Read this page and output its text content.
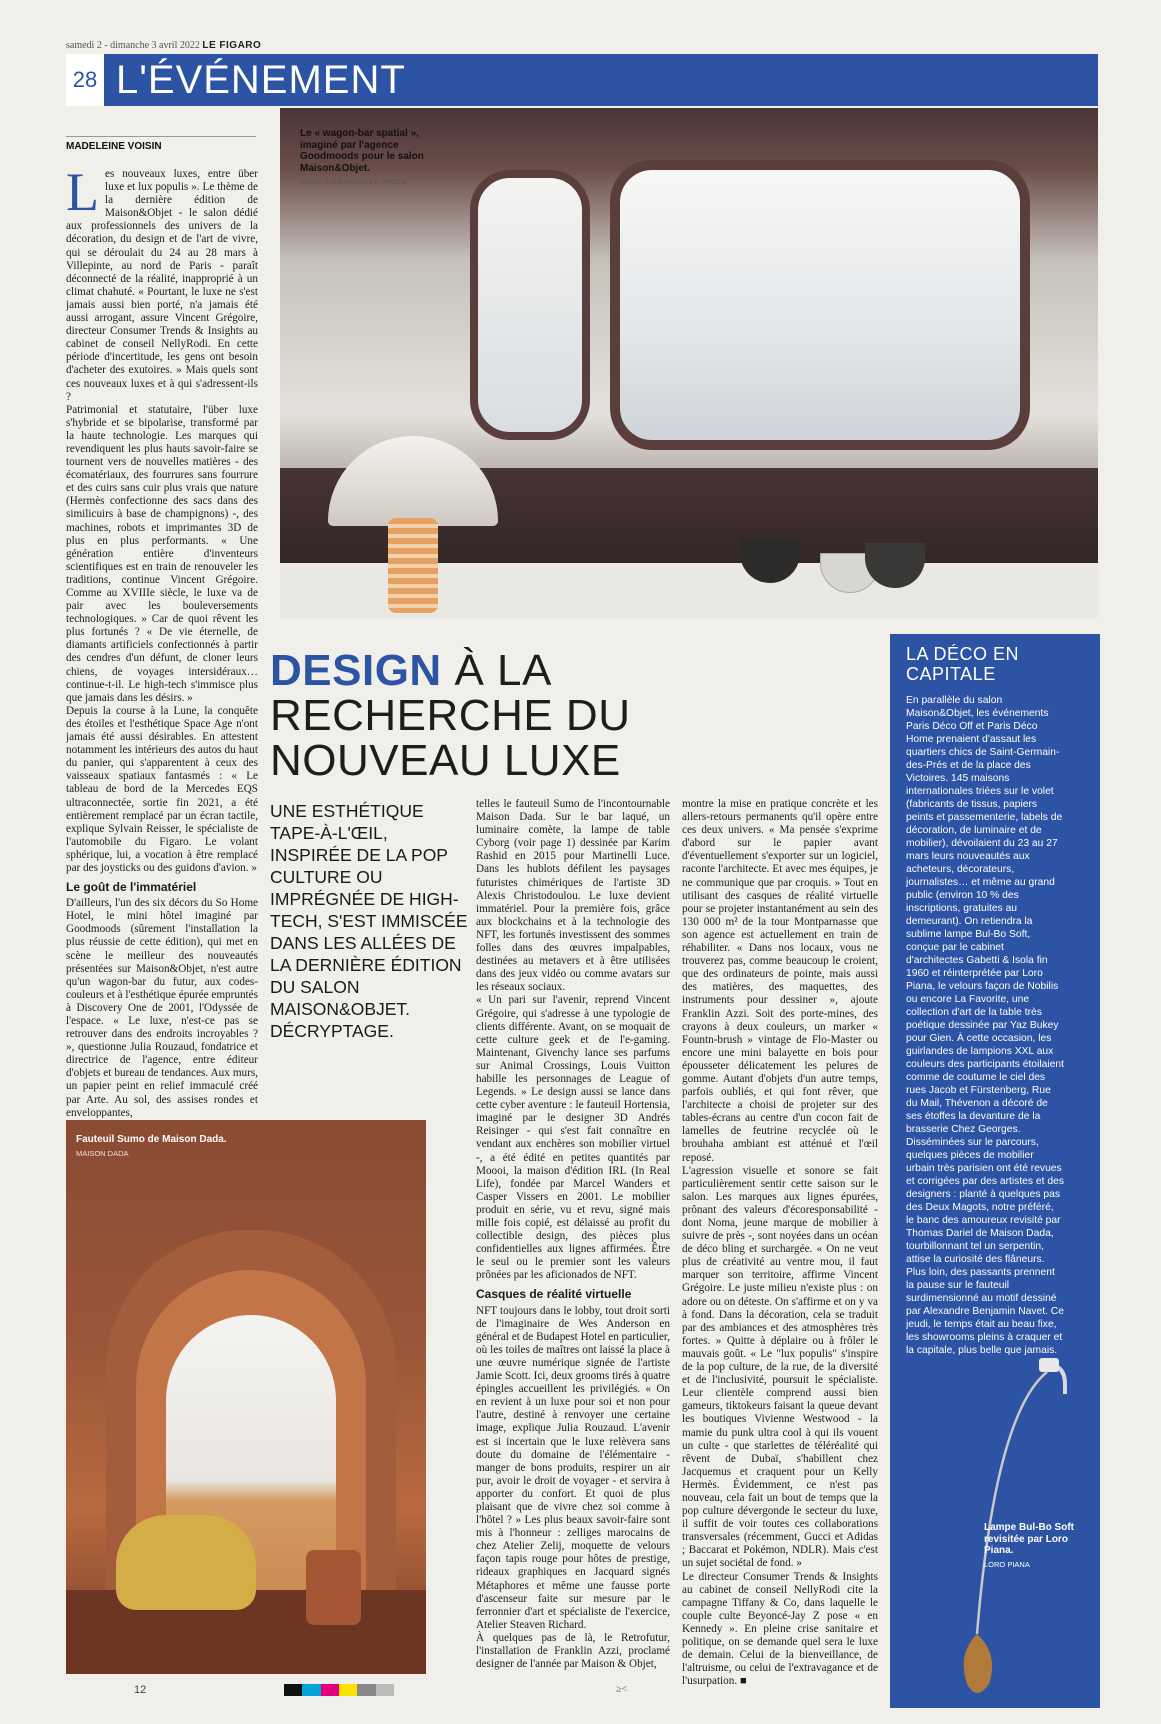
samedi 2 - dimanche 3 avril 2022 LE FIGARO
28 L'ÉVÉNEMENT
MADELEINE VOISIN

Les nouveaux luxes, entre über luxe et lux populis ». Le thème de la dernière édition de Maison&Objet - le salon dédié aux professionnels des univers de la décoration, du design et de l'art de vivre, qui se déroulait du 24 au 28 mars à Villepinte, au nord de Paris - paraît déconnecté de la réalité, inapproprié à un climat chahuté. « Pourtant, le luxe ne s'est jamais aussi bien porté, n'a jamais été aussi arrogant, assure Vincent Grégoire, directeur Consumer Trends & Insights au cabinet de conseil NellyRodi. En cette période d'incertitude, les gens ont besoin d'acheter des exutoires. » Mais quels sont ces nouveaux luxes et à qui s'adressent-ils ?

Patrimonial et statutaire, l'über luxe s'hybride et se bipolarise, transformé par la haute technologie. Les marques qui revendiquent les plus hauts savoir-faire se tournent vers de nouvelles matières - des écomatériaux, des fourrures sans fourrure et des cuirs sans cuir plus vrais que nature (Hermès confectionne des sacs dans des similicuirs à base de champignons) -, des machines, robots et imprimantes 3D de plus en plus performants. « Une génération entière d'inventeurs scientifiques est en train de renouveler les traditions, continue Vincent Grégoire. Comme au XVIIIe siècle, le luxe va de pair avec les bouleversements technologiques. » Car de quoi rêvent les plus fortunés ? « De vie éternelle, de diamants artificiels confectionnés à partir des cendres d'un défunt, de cloner leurs chiens, de voyages intersidéraux… continue-t-il. Le high-tech s'immisce plus que jamais dans les désirs. »

Depuis la course à la Lune, la conquête des étoiles et l'esthétique Space Age n'ont jamais été aussi désirables. En attestent notamment les intérieurs des autos du haut du panier, qui s'apparentent à ceux des vaisseaux spatiaux fantasmés : « Le tableau de bord de la Mercedes EQS ultraconnectée, sortie fin 2021, a été entièrement remplacé par un écran tactile, explique Sylvain Reisser, le spécialiste de l'automobile du Figaro. Le volant sphérique, lui, a vocation à être remplacé par des joysticks ou des guidons d'avion. »

Le goût de l'immatériel

D'ailleurs, l'un des six décors du So Home Hotel, le mini hôtel imaginé par Goodmoods (sûrement l'installation la plus réussie de cette édition), qui met en scène le meilleur des nouveautés présentées sur Maison&Objet, n'est autre qu'un wagon-bar du futur, aux codes-couleurs et à l'esthétique épurée empruntés à Discovery One de 2001, l'Odyssée de l'espace. « Le luxe, n'est-ce pas se retrouver dans des endroits incroyables ? », questionne Julia Rouzaud, fondatrice et directrice de l'agence, entre éditeur d'objets et bureau de tendances. Aux murs, un papier peint en relief immaculé créé par Arte. Au sol, des assises rondes et enveloppantes,

Le « wagon-bar spatial », imaginé par l'agence Goodmoods pour le salon Maison&Objet.
ANNE-EMMANUELLE THION
DESIGN À LA RECHERCHE DU NOUVEAU LUXE
UNE ESTHÉTIQUE TAPE-À-L'ŒIL, INSPIRÉE DE LA POP CULTURE OU IMPRÉGNÉE DE HIGH-TECH, S'EST IMMISCÉE DANS LES ALLÉES DE LA DERNIÈRE ÉDITION DU SALON MAISON&OBJET. DÉCRYPTAGE.

telles le fauteuil Sumo de l'incontournable Maison Dada. Sur le bar laqué, un luminaire comète, la lampe de table Cyborg (voir page 1) dessinée par Karim Rashid en 2015 pour Martinelli Luce. Dans les hublots défilent les paysages futuristes chimériques de l'artiste 3D Alexis Christodoulou. Le luxe devient immatériel. Pour la première fois, grâce aux blockchains et à la technologie des NFT, les fortunés investissent des sommes folles dans des œuvres impalpables, destinées au metavers et à être utilisées dans des jeux vidéo ou comme avatars sur les réseaux sociaux.

« Un pari sur l'avenir, reprend Vincent Grégoire, qui s'adresse à une typologie de clients différente. Avant, on se moquait de cette culture geek et de l'e-gaming. Maintenant, Givenchy lance ses parfums sur Animal Crossings, Louis Vuitton habille les personnages de League of Legends. » Le design aussi se lance dans cette cyber aventure : le fauteuil Hortensia, imaginé par le designer 3D Andrés Reisinger - qui s'est fait connaître en vendant aux enchères son mobilier virtuel -, a été édité en petites quantités par Moooi, la maison d'édition IRL (In Real Life), fondée par Marcel Wanders et Casper Vissers en 2001. Le mobilier produit en série, vu et revu, signé mais mille fois copié, est délaissé au profit du collectible design, des pièces plus confidentielles aux lignes affirmées. Être le seul ou le premier sont les valeurs prônées par les aficionados de NFT.

Casques de réalité virtuelle

NFT toujours dans le lobby, tout droit sorti de l'imaginaire de Wes Anderson en général et de Budapest Hotel en particulier, où les toiles de maîtres ont laissé la place à une œuvre numérique signée de l'artiste Jamie Scott. Ici, deux grooms tirés à quatre épingles accueillent les privilégiés. « On en revient à un luxe pour soi et non pour l'autre, destiné à renvoyer une certaine image, explique Julia Rouzaud. L'avenir est si incertain que le luxe relèvera sans doute du domaine de l'élémentaire - manger de bons produits, respirer un air pur, avoir le droit de voyager - et servira à apporter du confort. Et quoi de plus plaisant que de vivre chez soi comme à l'hôtel ? » Les plus beaux savoir-faire sont mis à l'honneur : zelliges marocains de chez Atelier Zelij, moquette de velours façon tapis rouge pour hôtes de prestige, rideaux graphiques en Jacquard signés Métaphores et même une fausse porte d'ascenseur faite sur mesure par le ferronnier d'art et spécialiste de l'exercice, Atelier Steaven Richard.

À quelques pas de là, le Retrofutur, l'installation de Franklin Azzi, proclamé designer de l'année par Maison & Objet,

montre la mise en pratique concrète et les allers-retours permanents qu'il opère entre ces deux univers. « Ma pensée s'exprime d'abord sur le papier avant d'éventuellement s'exporter sur un logiciel, raconte l'architecte. Et avec mes équipes, je ne communique que par croquis. » Tout en utilisant des casques de réalité virtuelle pour se projeter instantanément au sein des 130 000 m² de la tour Montparnasse que son agence est actuellement en train de réhabiliter. « Dans nos locaux, vous ne trouverez pas, comme beaucoup le croient, que des ordinateurs de pointe, mais aussi des matières, des maquettes, des instruments pour dessiner », ajoute Franklin Azzi. Soit des porte-mines, des crayons à deux couleurs, un marker « Fountn-brush » vintage de Flo-Master ou encore une mini balayette en bois pour épousseter délicatement les pelures de gomme. Autant d'objets d'un autre temps, parfois oubliés, et qui font rêver, que l'architecte a choisi de projeter sur des tables-écrans au centre d'un cocon fait de lamelles de feutrine recyclée où le brouhaha ambiant est atténué et l'œil reposé.

L'agression visuelle et sonore se fait particulièrement sentir cette saison sur le salon. Les marques aux lignes épurées, prônant des valeurs d'écoresponsabilité - dont Noma, jeune marque de mobilier à suivre de près -, sont noyées dans un océan de déco bling et surchargée. « On ne veut plus de créativité au ventre mou, il faut marquer son territoire, affirme Vincent Grégoire. Le juste milieu n'existe plus : on adore ou on déteste. On s'affirme et on y va à fond. Dans la décoration, cela se traduit par des ambiances et des atmosphères très fortes. » Quitte à déplaire ou à frôler le mauvais goût. « Le "lux populis" s'inspire de la pop culture, de la rue, de la diversité et de l'inclusivité, poursuit le spécialiste. Leur clientèle comprend aussi bien gameurs, tiktokeurs faisant la queue devant les boutiques Vivienne Westwood - la mamie du punk ultra cool à qui ils vouent un culte - que starlettes de téléréalité qui rêvent de Dubaï, s'habillent chez Jacquemus et craquent pour un Kelly Hermès. Évidemment, ce n'est pas nouveau, cela fait un bout de temps que la pop culture dévergonde le secteur du luxe, il suffit de voir toutes ces collaborations transversales (récemment, Gucci et Adidas ; Baccarat et Pokémon, NDLR). Mais c'est un sujet sociétal de fond. »

Le directeur Consumer Trends & Insights au cabinet de conseil NellyRodi cite la campagne Tiffany & Co, dans laquelle le couple culte Beyoncé-Jay Z pose « en Kennedy ». En pleine crise sanitaire et politique, on se demande quel sera le luxe de demain. Celui de la bienveillance, de l'altruisme, ou celui de l'extravagance et de l'usurpation. ■

LA DÉCO EN CAPITALE
En parallèle du salon Maison&Objet, les événements Paris Déco Off et Paris Déco Home prenaient d'assaut les quartiers chics de Saint-Germain-des-Prés et de la place des Victoires. 145 maisons internationales triées sur le volet (fabricants de tissus, papiers peints et passementerie, labels de décoration, de luminaire et de mobilier), dévoilaient du 23 au 27 mars leurs nouveautés aux acheteurs, décorateurs, journalistes… et même au grand public (environ 10 % des inscriptions, gratuites au demeurant). On retiendra la sublime lampe Bul-Bo Soft, conçue par le cabinet d'architectes Gabetti & Isola fin 1960 et réinterprétée par Loro Piana, le velours façon de Nobilis ou encore La Favorite, une collection d'art de la table très poétique dessinée par Yaz Bukey pour Gien. À cette occasion, les guirlandes de lampions XXL aux couleurs des participants étoilaient comme de coutume le ciel des rues Jacob et Fürstenberg, Rue du Mail, Thévenon a décoré de ses étoffes la devanture de la brasserie Chez Georges. Disséminées sur le parcours, quelques pièces de mobilier urbain très parisien ont été revues et corrigées par des artistes et des designers : planté à quelques pas des Deux Magots, notre préféré, le banc des amoureux revisité par Thomas Dariel de Maison Dada, tourbillonnant tel un serpentin, attise la curiosité des flâneurs. Plus loin, des passants prennent la pause sur le fauteuil surdimensionné au motif dessiné par Alexandre Benjamin Navet. Ce jeudi, le temps était au beau fixe, les showrooms pleins à craquer et la capitale, plus belle que jamais.
Lampe Bul-Bo Soft revisitée par Loro Piana.
LORO PIANA
Fauteuil Sumo de Maison Dada.
MAISON DADA
12	≥<
